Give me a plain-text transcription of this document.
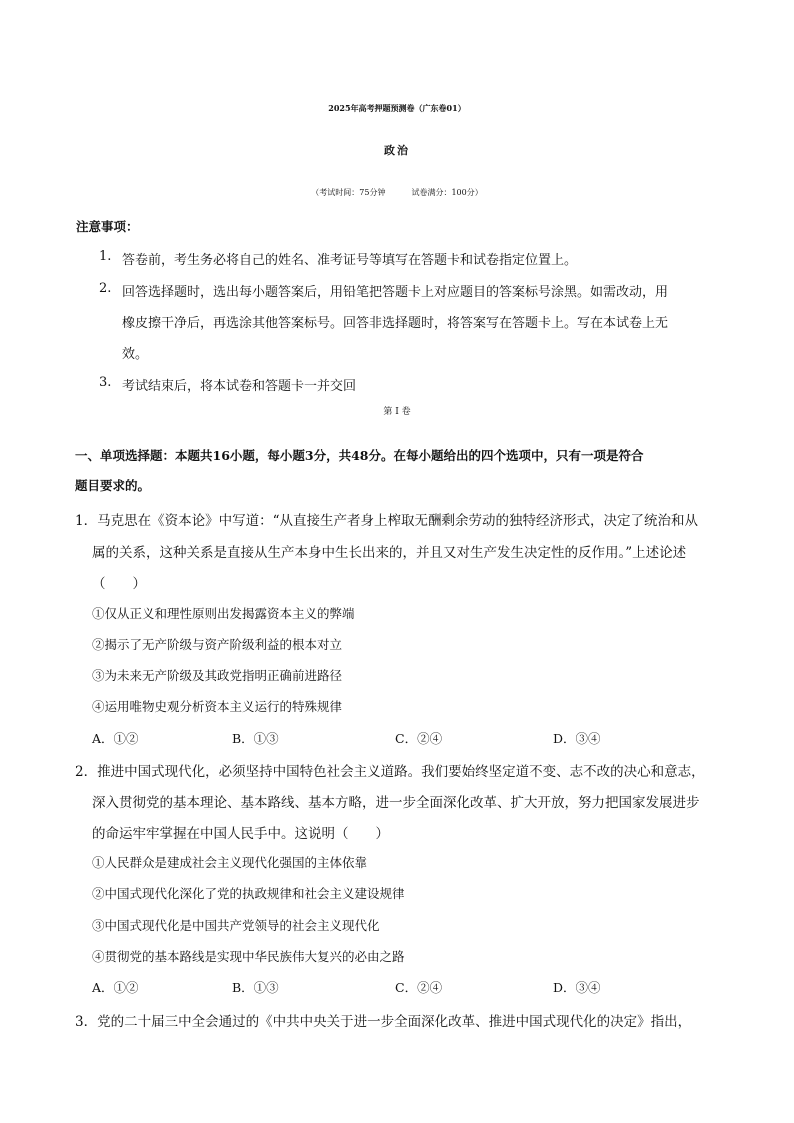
2025年高考押题预测卷（广东卷01）
政治
（考试时间：75分钟	试卷满分：100分）
注意事项：
1. 答卷前，考生务必将自己的姓名、准考证号等填写在答题卡和试卷指定位置上。
2. 回答选择题时，选出每小题答案后，用铅笔把答题卡上对应题目的答案标号涂黑。如需改动，用
橡皮擦干净后，再选涂其他答案标号。回答非选择题时，将答案写在答题卡上。写在本试卷上无
效。
3. 考试结束后，将本试卷和答题卡一并交回
第 I 卷
一、单项选择题：本题共16小题，每小题3分，共48分。在每小题给出的四个选项中，只有一项是符合
题目要求的。
1．马克思在《资本论》中写道：“从直接生产者身上榨取无酬剩余劳动的独特经济形式，决定了统治和从
属的关系，这种关系是直接从生产本身中生长出来的，并且又对生产发生决定性的反作用。”上述论述
（　　）
①仅从正义和理性原则出发揭露资本主义的弊端
②揭示了无产阶级与资产阶级利益的根本对立
③为未来无产阶级及其政党指明正确前进路径
④运用唯物史观分析资本主义运行的特殊规律
A．①②	B．①③	C．②④	D．③④
2．推进中国式现代化，必须坚持中国特色社会主义道路。我们要始终坚定道不变、志不改的决心和意志，
深入贯彻党的基本理论、基本路线、基本方略，进一步全面深化改革、扩大开放，努力把国家发展进步
的命运牢牢掌握在中国人民手中。这说明（　　）
①人民群众是建成社会主义现代化强国的主体依靠
②中国式现代化深化了党的执政规律和社会主义建设规律
③中国式现代化是中国共产党领导的社会主义现代化
④贯彻党的基本路线是实现中华民族伟大复兴的必由之路
A．①②	B．①③	C．②④	D．③④
3．党的二十届三中全会通过的《中共中央关于进一步全面深化改革、推进中国式现代化的决定》指出，
